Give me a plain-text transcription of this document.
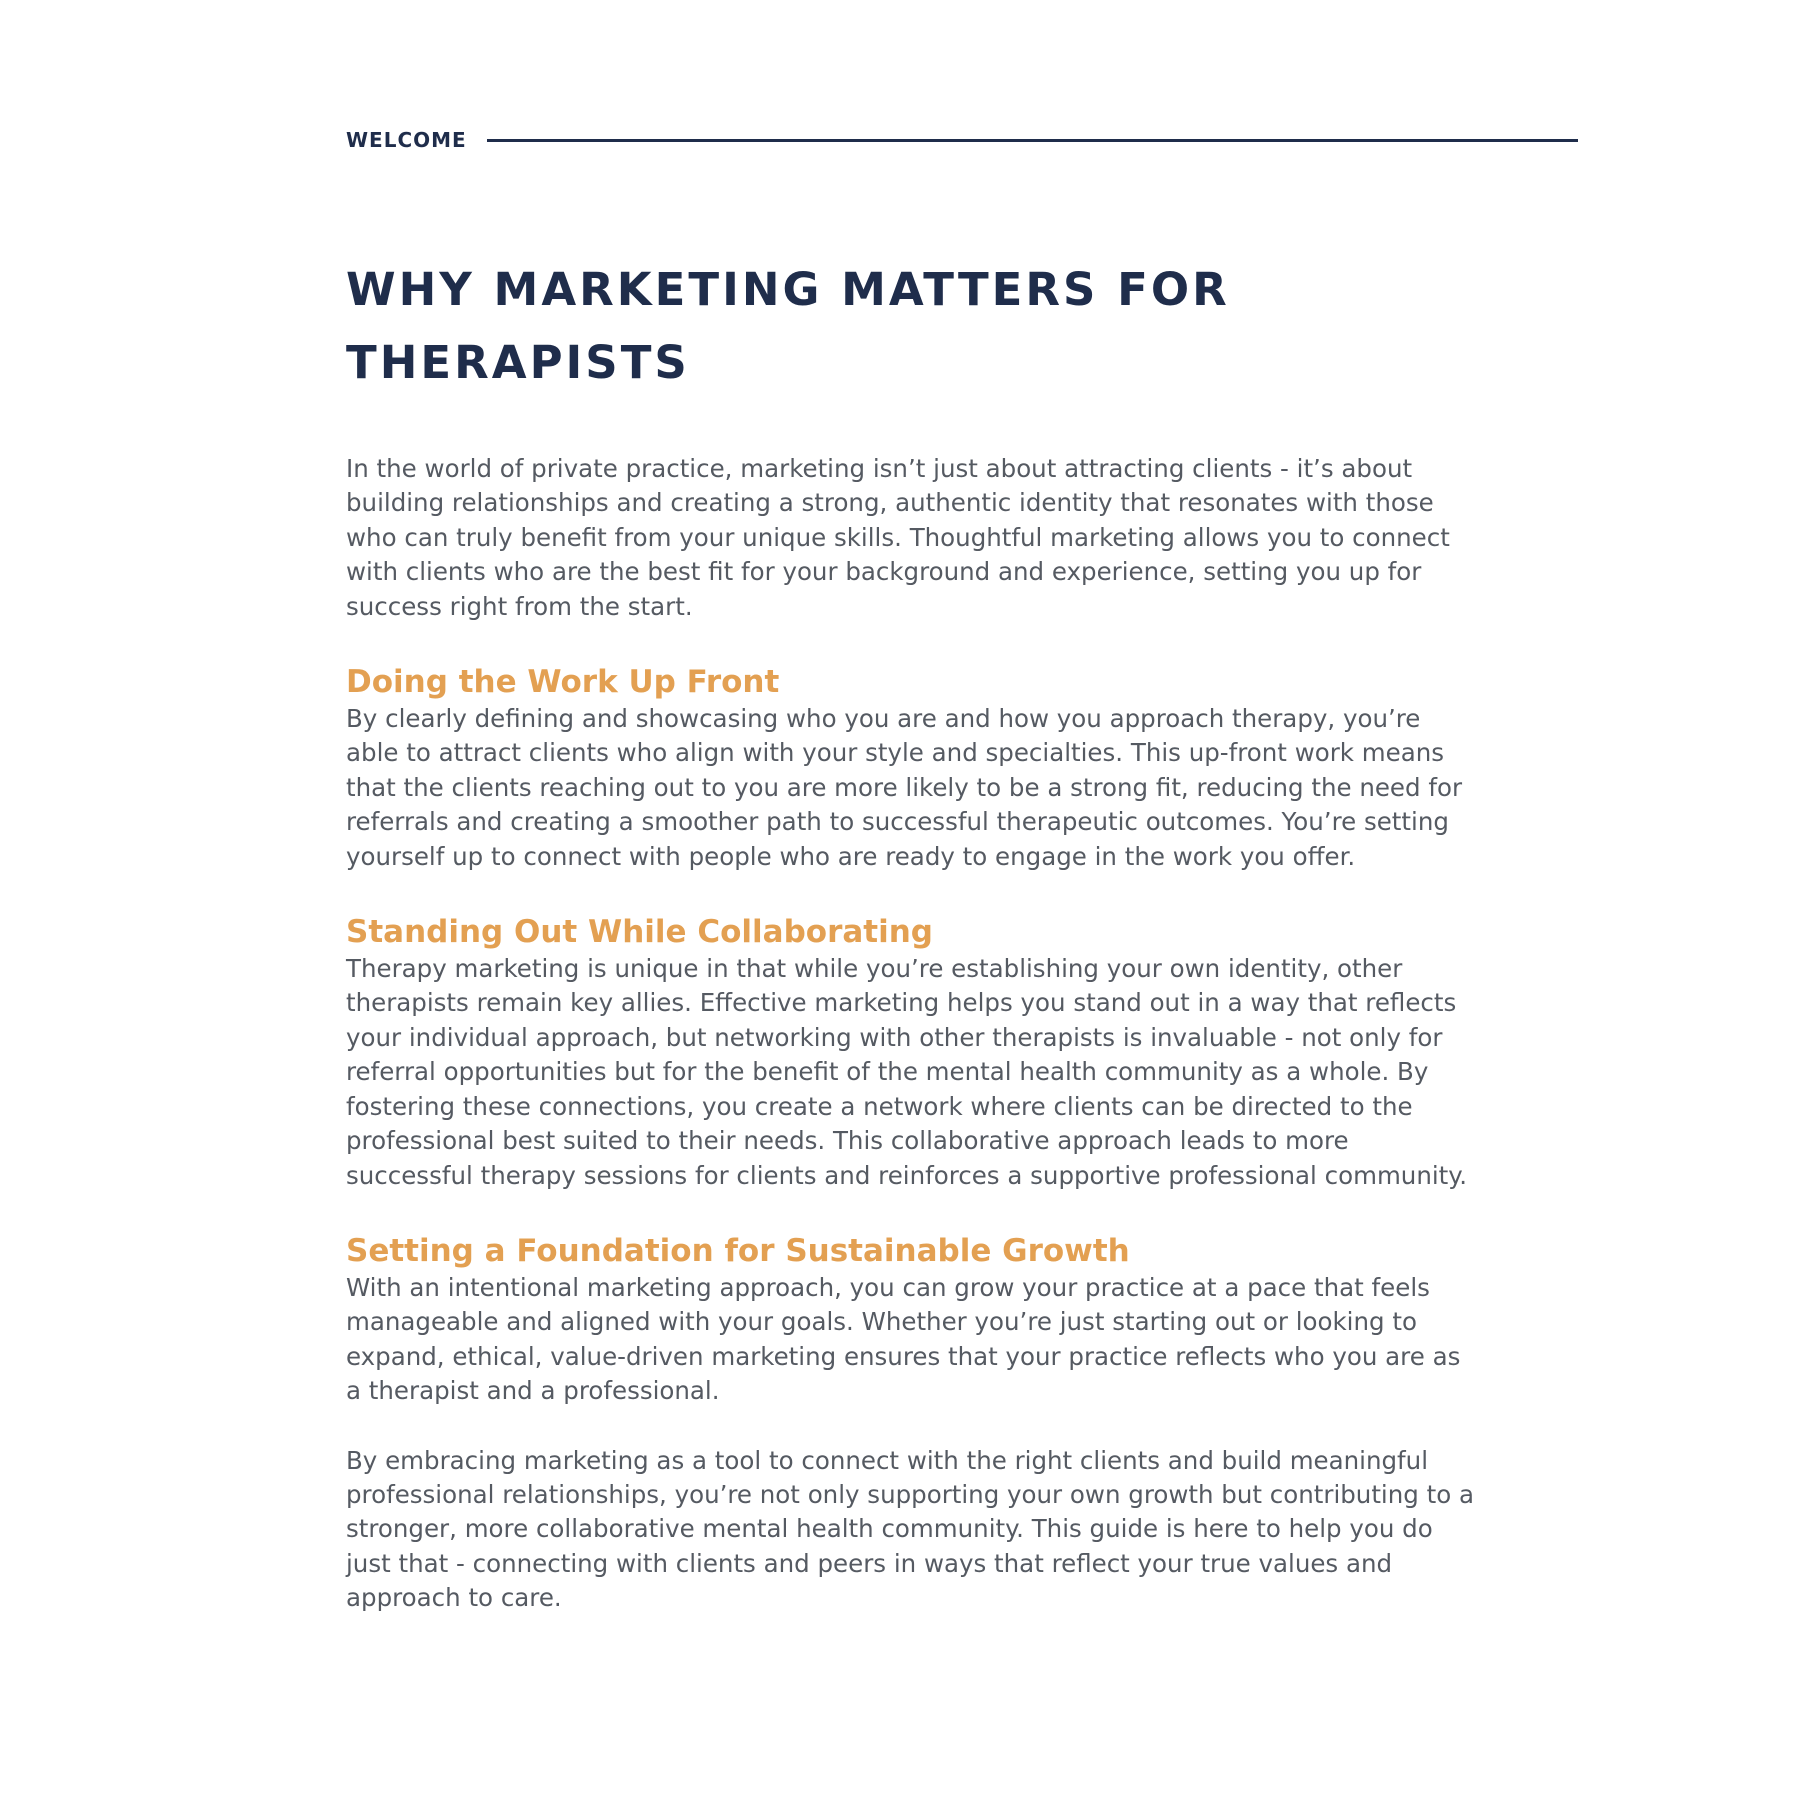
WELCOME
WHY MARKETING MATTERS FOR
THERAPISTS

In the world of private practice, marketing isn’t just about attracting clients - it’s about building relationships and creating a strong, authentic identity that resonates with those who can truly benefit from your unique skills. Thoughtful marketing allows you to connect with clients who are the best fit for your background and experience, setting you up for success right from the start.

Doing the Work Up Front

By clearly defining and showcasing who you are and how you approach therapy, you’re able to attract clients who align with your style and specialties. This up-front work means that the clients reaching out to you are more likely to be a strong fit, reducing the need for referrals and creating a smoother path to successful therapeutic outcomes. You’re setting yourself up to connect with people who are ready to engage in the work you offer.

Standing Out While Collaborating

Therapy marketing is unique in that while you’re establishing your own identity, other therapists remain key allies. Effective marketing helps you stand out in a way that reflects your individual approach, but networking with other therapists is invaluable - not only for referral opportunities but for the benefit of the mental health community as a whole. By fostering these connections, you create a network where clients can be directed to the professional best suited to their needs. This collaborative approach leads to more successful therapy sessions for clients and reinforces a supportive professional community.

Setting a Foundation for Sustainable Growth

With an intentional marketing approach, you can grow your practice at a pace that feels manageable and aligned with your goals. Whether you’re just starting out or looking to expand, ethical, value-driven marketing ensures that your practice reflects who you are as a therapist and a professional.

By embracing marketing as a tool to connect with the right clients and build meaningful professional relationships, you’re not only supporting your own growth but contributing to a stronger, more collaborative mental health community. This guide is here to help you do just that - connecting with clients and peers in ways that reflect your true values and approach to care.
